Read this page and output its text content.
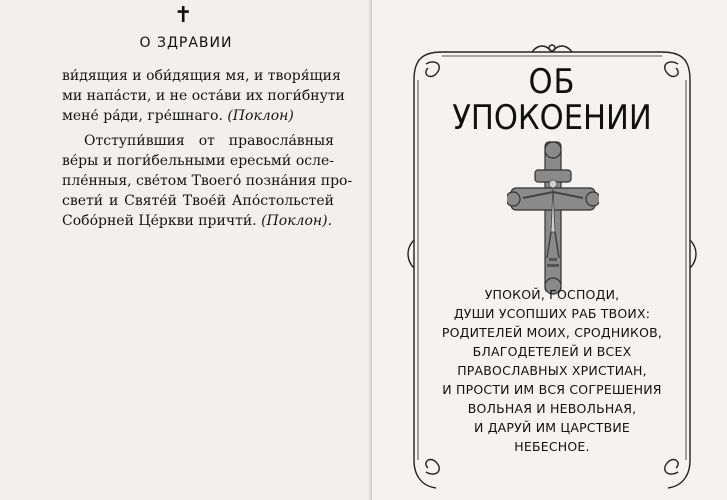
✝
О ЗДРАВИИ
ви́дящия и оби́дящия мя, и творя́щия
ми напа́сти, и не оста́ви их поги́бнути
мене́ ра́ди, гре́шнаго. (Поклон)
Отступи́вшия от правосла́вныя
ве́ры и поги́бельными ересьми́ осле-
пле́нныя, све́том Твоего́ позна́ния про-
свети́ и Святе́й Твое́й Апо́стольстей
Собо́рней Це́ркви причти́. (Поклон).
ОБ
УПОКОЕНИИ
УПОКОЙ, ГОСПОДИ,
ДУШИ УСОПШИХ РАБ ТВОИХ:
РОДИТЕЛЕЙ МОИХ, СРОДНИКОВ,
БЛАГОДЕТЕЛЕЙ И ВСЕХ
ПРАВОСЛАВНЫХ ХРИСТИАН,
И ПРОСТИ ИМ ВСЯ СОГРЕШЕНИЯ
ВОЛЬНАЯ И НЕВОЛЬНАЯ,
И ДАРУЙ ИМ ЦАРСТВИЕ
НЕБЕСНОЕ.
